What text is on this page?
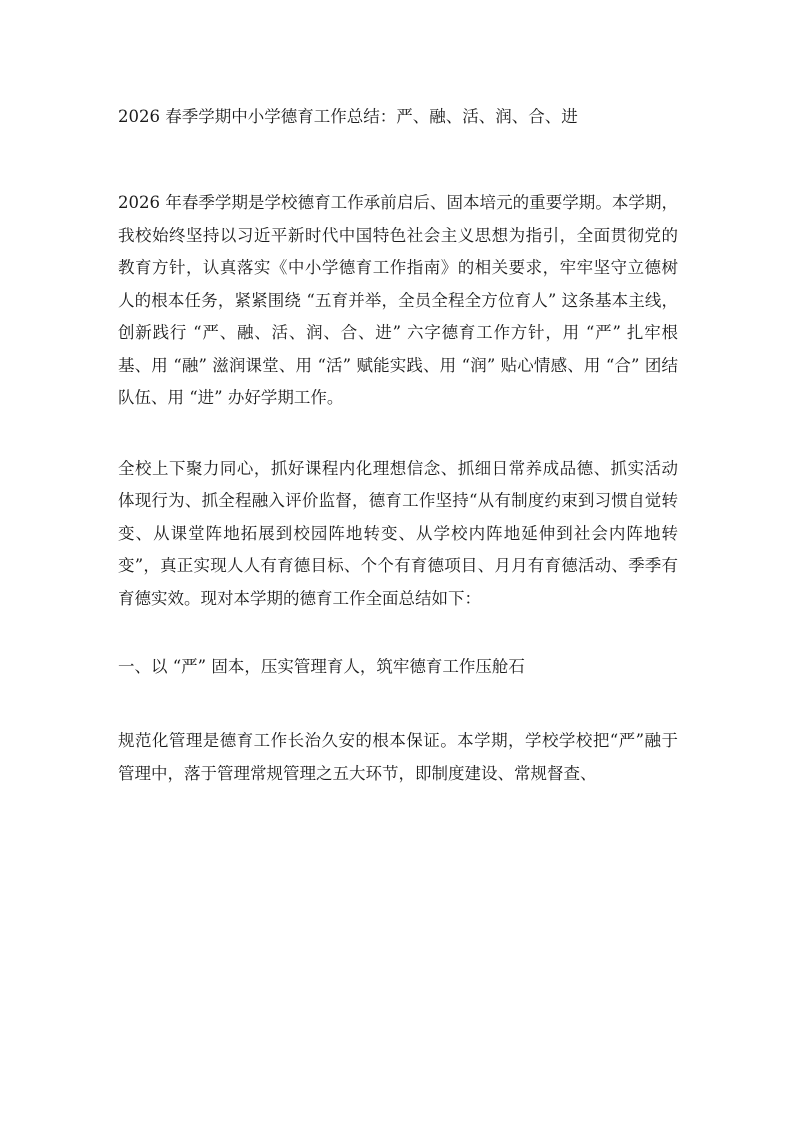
2026 春季学期中小学德育工作总结：严、融、活、润、合、进

2026 年春季学期是学校德育工作承前启后、固本培元的重要学期。本学期，我校始终坚持以习近平新时代中国特色社会主义思想为指引，全面贯彻党的教育方针，认真落实《中小学德育工作指南》的相关要求，牢牢坚守立德树人的根本任务，紧紧围绕 “五育并举，全员全程全方位育人” 这条基本主线，创新践行 “严、融、活、润、合、进” 六字德育工作方针，用 “严” 扎牢根基、用 “融” 滋润课堂、用 “活” 赋能实践、用 “润” 贴心情感、用 “合” 团结队伍、用 “进” 办好学期工作。

全校上下聚力同心，抓好课程内化理想信念、抓细日常养成品德、抓实活动体现行为、抓全程融入评价监督，德育工作坚持“从有制度约束到习惯自觉转变、从课堂阵地拓展到校园阵地转变、从学校内阵地延伸到社会内阵地转变”，真正实现人人有育德目标、个个有育德项目、月月有育德活动、季季有育德实效。现对本学期的德育工作全面总结如下：

一、以 “严” 固本，压实管理育人，筑牢德育工作压舱石

规范化管理是德育工作长治久安的根本保证。本学期，学校学校把“严”融于管理中，落于管理常规管理之五大环节，即制度建设、常规督查、
